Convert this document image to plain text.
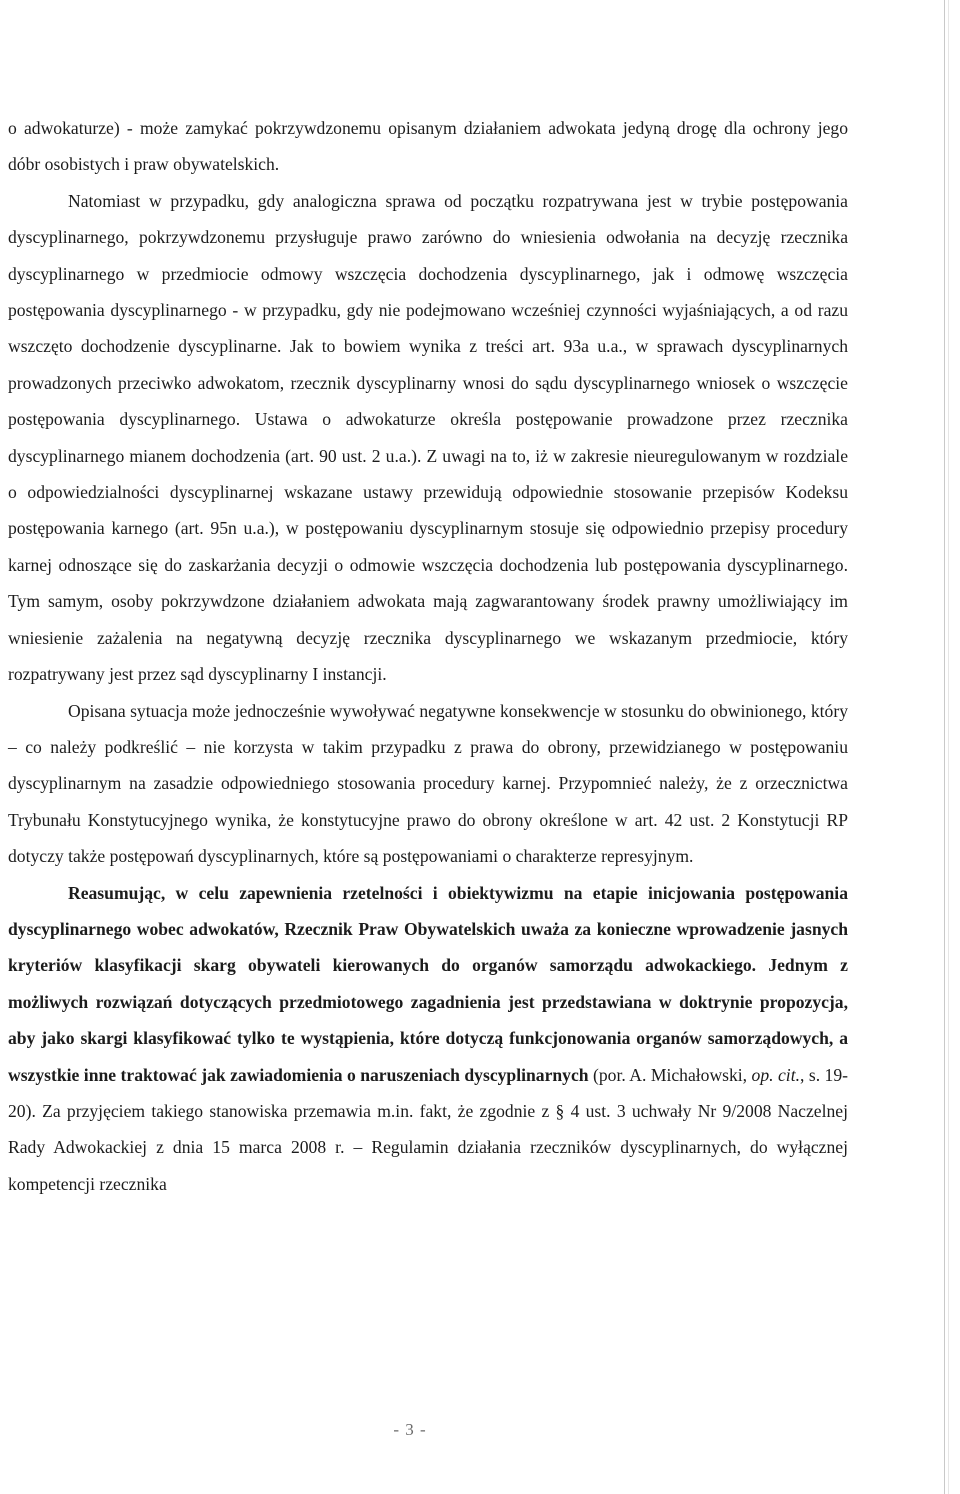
o adwokaturze) - może zamykać pokrzywdzonemu opisanym działaniem adwokata jedyną drogę dla ochrony jego dóbr osobistych i praw obywatelskich.

Natomiast w przypadku, gdy analogiczna sprawa od początku rozpatrywana jest w trybie postępowania dyscyplinarnego, pokrzywdzonemu przysługuje prawo zarówno do wniesienia odwołania na decyzję rzecznika dyscyplinarnego w przedmiocie odmowy wszczęcia dochodzenia dyscyplinarnego, jak i odmowę wszczęcia postępowania dyscyplinarnego - w przypadku, gdy nie podejmowano wcześniej czynności wyjaśniających, a od razu wszczęto dochodzenie dyscyplinarne. Jak to bowiem wynika z treści art. 93a u.a., w sprawach dyscyplinarnych prowadzonych przeciwko adwokatom, rzecznik dyscyplinarny wnosi do sądu dyscyplinarnego wniosek o wszczęcie postępowania dyscyplinarnego. Ustawa o adwokaturze określa postępowanie prowadzone przez rzecznika dyscyplinarnego mianem dochodzenia (art. 90 ust. 2 u.a.). Z uwagi na to, iż w zakresie nieuregulowanym w rozdziale o odpowiedzialności dyscyplinarnej wskazane ustawy przewidują odpowiednie stosowanie przepisów Kodeksu postępowania karnego (art. 95n u.a.), w postępowaniu dyscyplinarnym stosuje się odpowiednio przepisy procedury karnej odnoszące się do zaskarżania decyzji o odmowie wszczęcia dochodzenia lub postępowania dyscyplinarnego. Tym samym, osoby pokrzywdzone działaniem adwokata mają zagwarantowany środek prawny umożliwiający im wniesienie zażalenia na negatywną decyzję rzecznika dyscyplinarnego we wskazanym przedmiocie, który rozpatrywany jest przez sąd dyscyplinarny I instancji.

Opisana sytuacja może jednocześnie wywoływać negatywne konsekwencje w stosunku do obwinionego, który – co należy podkreślić – nie korzysta w takim przypadku z prawa do obrony, przewidzianego w postępowaniu dyscyplinarnym na zasadzie odpowiedniego stosowania procedury karnej. Przypomnieć należy, że z orzecznictwa Trybunału Konstytucyjnego wynika, że konstytucyjne prawo do obrony określone w art. 42 ust. 2 Konstytucji RP dotyczy także postępowań dyscyplinarnych, które są postępowaniami o charakterze represyjnym.

Reasumując, w celu zapewnienia rzetelności i obiektywizmu na etapie inicjowania postępowania dyscyplinarnego wobec adwokatów, Rzecznik Praw Obywatelskich uważa za konieczne wprowadzenie jasnych kryteriów klasyfikacji skarg obywateli kierowanych do organów samorządu adwokackiego. Jednym z możliwych rozwiązań dotyczących przedmiotowego zagadnienia jest przedstawiana w doktrynie propozycja, aby jako skargi klasyfikować tylko te wystąpienia, które dotyczą funkcjonowania organów samorządowych, a wszystkie inne traktować jak zawiadomienia o naruszeniach dyscyplinarnych (por. A. Michałowski, op. cit., s. 19-20). Za przyjęciem takiego stanowiska przemawia m.in. fakt, że zgodnie z § 4 ust. 3 uchwały Nr 9/2008 Naczelnej Rady Adwokackiej z dnia 15 marca 2008 r. – Regulamin działania rzeczników dyscyplinarnych, do wyłącznej kompetencji rzecznika

- 3 -
